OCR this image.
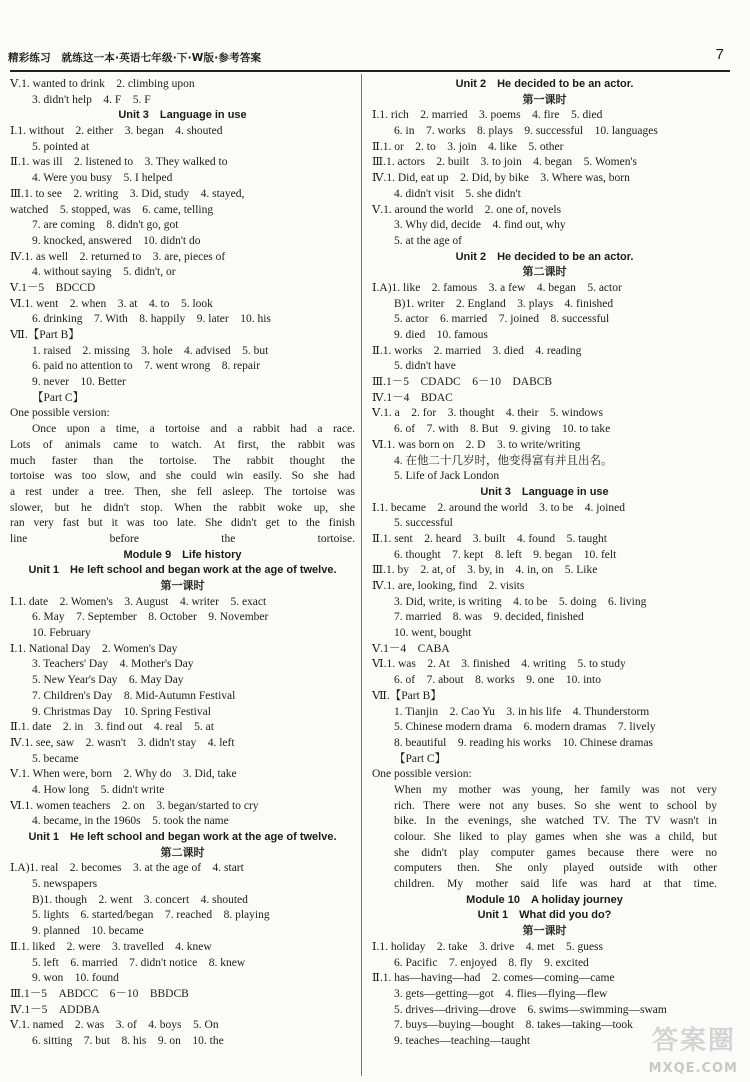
精彩练习　就练这一本·英语七年级·下·W版·参考答案	7
Ⅴ.1. wanted to drink　2. climbing upon
3. didn't help　4. F　5. F
Unit 3　Language in use
Ⅰ.1. without　2. either　3. began　4. shouted
5. pointed at
Ⅱ.1. was ill　2. listened to　3. They walked to
4. Were you busy　5. I helped
Ⅲ.1. to see　2. writing　3. Did, study　4. stayed,
watched　5. stopped, was　6. came, telling
7. are coming　8. didn't go, got
9. knocked, answered　10. didn't do
Ⅳ.1. as well　2. returned to　3. are, pieces of
4. without saying　5. didn't, or
Ⅴ.1－5　BDCCD
Ⅵ.1. went　2. when　3. at　4. to　5. look
6. drinking　7. With　8. happily　9. later　10. his
Ⅶ.【Part B】
1. raised　2. missing　3. hole　4. advised　5. but
6. paid no attention to　7. went wrong　8. repair
9. never　10. Better
【Part C】
One possible version:
Once upon a time, a tortoise and a rabbit had a race.
Lots of animals came to watch. At first, the rabbit was
much faster than the tortoise. The rabbit thought the
tortoise was too slow, and she could win easily. So she had
a rest under a tree. Then, she fell asleep. The tortoise was
slower, but he didn't stop. When the rabbit woke up, she
ran very fast but it was too late. She didn't get to the finish
line before the tortoise.
Module 9　Life history
Unit 1　He left school and began work at the age of twelve.
第一课时
Ⅰ.1. date　2. Women's　3. August　4. writer　5. exact
6. May　7. September　8. October　9. November
10. February
Ⅰ.1. National Day　2. Women's Day
3. Teachers' Day　4. Mother's Day
5. New Year's Day　6. May Day
7. Children's Day　8. Mid-Autumn Festival
9. Christmas Day　10. Spring Festival
Ⅱ.1. date　2. in　3. find out　4. real　5. at
Ⅳ.1. see, saw　2. wasn't　3. didn't stay　4. left
5. became
Ⅴ.1. When were, born　2. Why do　3. Did, take
4. How long　5. didn't write
Ⅵ.1. women teachers　2. on　3. began/started to cry
4. became, in the 1960s　5. took the name
Unit 1　He left school and began work at the age of twelve.
第二课时
Ⅰ.A)1. real　2. becomes　3. at the age of　4. start
5. newspapers
B)1. though　2. went　3. concert　4. shouted
5. lights　6. started/began　7. reached　8. playing
9. planned　10. became
Ⅱ.1. liked　2. were　3. travelled　4. knew
5. left　6. married　7. didn't notice　8. knew
9. won　10. found
Ⅲ.1－5　ABDCC　6－10　BBDCB
Ⅳ.1－5　ADDBA
Ⅴ.1. named　2. was　3. of　4. boys　5. On
6. sitting　7. but　8. his　9. on　10. the
Unit 2　He decided to be an actor.
第一课时
Ⅰ.1. rich　2. married　3. poems　4. fire　5. died
6. in　7. works　8. plays　9. successful　10. languages
Ⅱ.1. or　2. to　3. join　4. like　5. other
Ⅲ.1. actors　2. built　3. to join　4. began　5. Women's
Ⅳ.1. Did, eat up　2. Did, by bike　3. Where was, born
4. didn't visit　5. she didn't
Ⅴ.1. around the world　2. one of, novels
3. Why did, decide　4. find out, why
5. at the age of
Unit 2　He decided to be an actor.
第二课时
Ⅰ.A)1. like　2. famous　3. a few　4. began　5. actor
B)1. writer　2. England　3. plays　4. finished
5. actor　6. married　7. joined　8. successful
9. died　10. famous
Ⅱ.1. works　2. married　3. died　4. reading
5. didn't have
Ⅲ.1－5　CDADC　6－10　DABCB
Ⅳ.1－4　BDAC
Ⅴ.1. a　2. for　3. thought　4. their　5. windows
6. of　7. with　8. But　9. giving　10. to take
Ⅵ.1. was born on　2. D　3. to write/writing
4. 在他二十几岁时，他变得富有并且出名。
5. Life of Jack London
Unit 3　Language in use
Ⅰ.1. became　2. around the world　3. to be　4. joined
5. successful
Ⅱ.1. sent　2. heard　3. built　4. found　5. taught
6. thought　7. kept　8. left　9. began　10. felt
Ⅲ.1. by　2. at, of　3. by, in　4. in, on　5. Like
Ⅳ.1. are, looking, find　2. visits
3. Did, write, is writing　4. to be　5. doing　6. living
7. married　8. was　9. decided, finished
10. went, bought
Ⅴ.1－4　CABA
Ⅵ.1. was　2. At　3. finished　4. writing　5. to study
6. of　7. about　8. works　9. one　10. into
Ⅶ.【Part B】
1. Tianjin　2. Cao Yu　3. in his life　4. Thunderstorm
5. Chinese modern drama　6. modern dramas　7. lively
8. beautiful　9. reading his works　10. Chinese dramas
【Part C】
One possible version:
When my mother was young, her family was not very
rich. There were not any buses. So she went to school by
bike. In the evenings, she watched TV. The TV wasn't in
colour. She liked to play games when she was a child, but
she didn't play computer games because there were no
computers then. She only played outside with other
children. My mother said life was hard at that time.
Module 10　A holiday journey
Unit 1　What did you do?
第一课时
Ⅰ.1. holiday　2. take　3. drive　4. met　5. guess
6. Pacific　7. enjoyed　8. fly　9. excited
Ⅱ.1. has—having—had　2. comes—coming—came
3. gets—getting—got　4. flies—flying—flew
5. drives—driving—drove　6. swims—swimming—swam
7. buys—buying—bought　8. takes—taking—took
9. teaches—teaching—taught	答案圈
MXQE.COM
